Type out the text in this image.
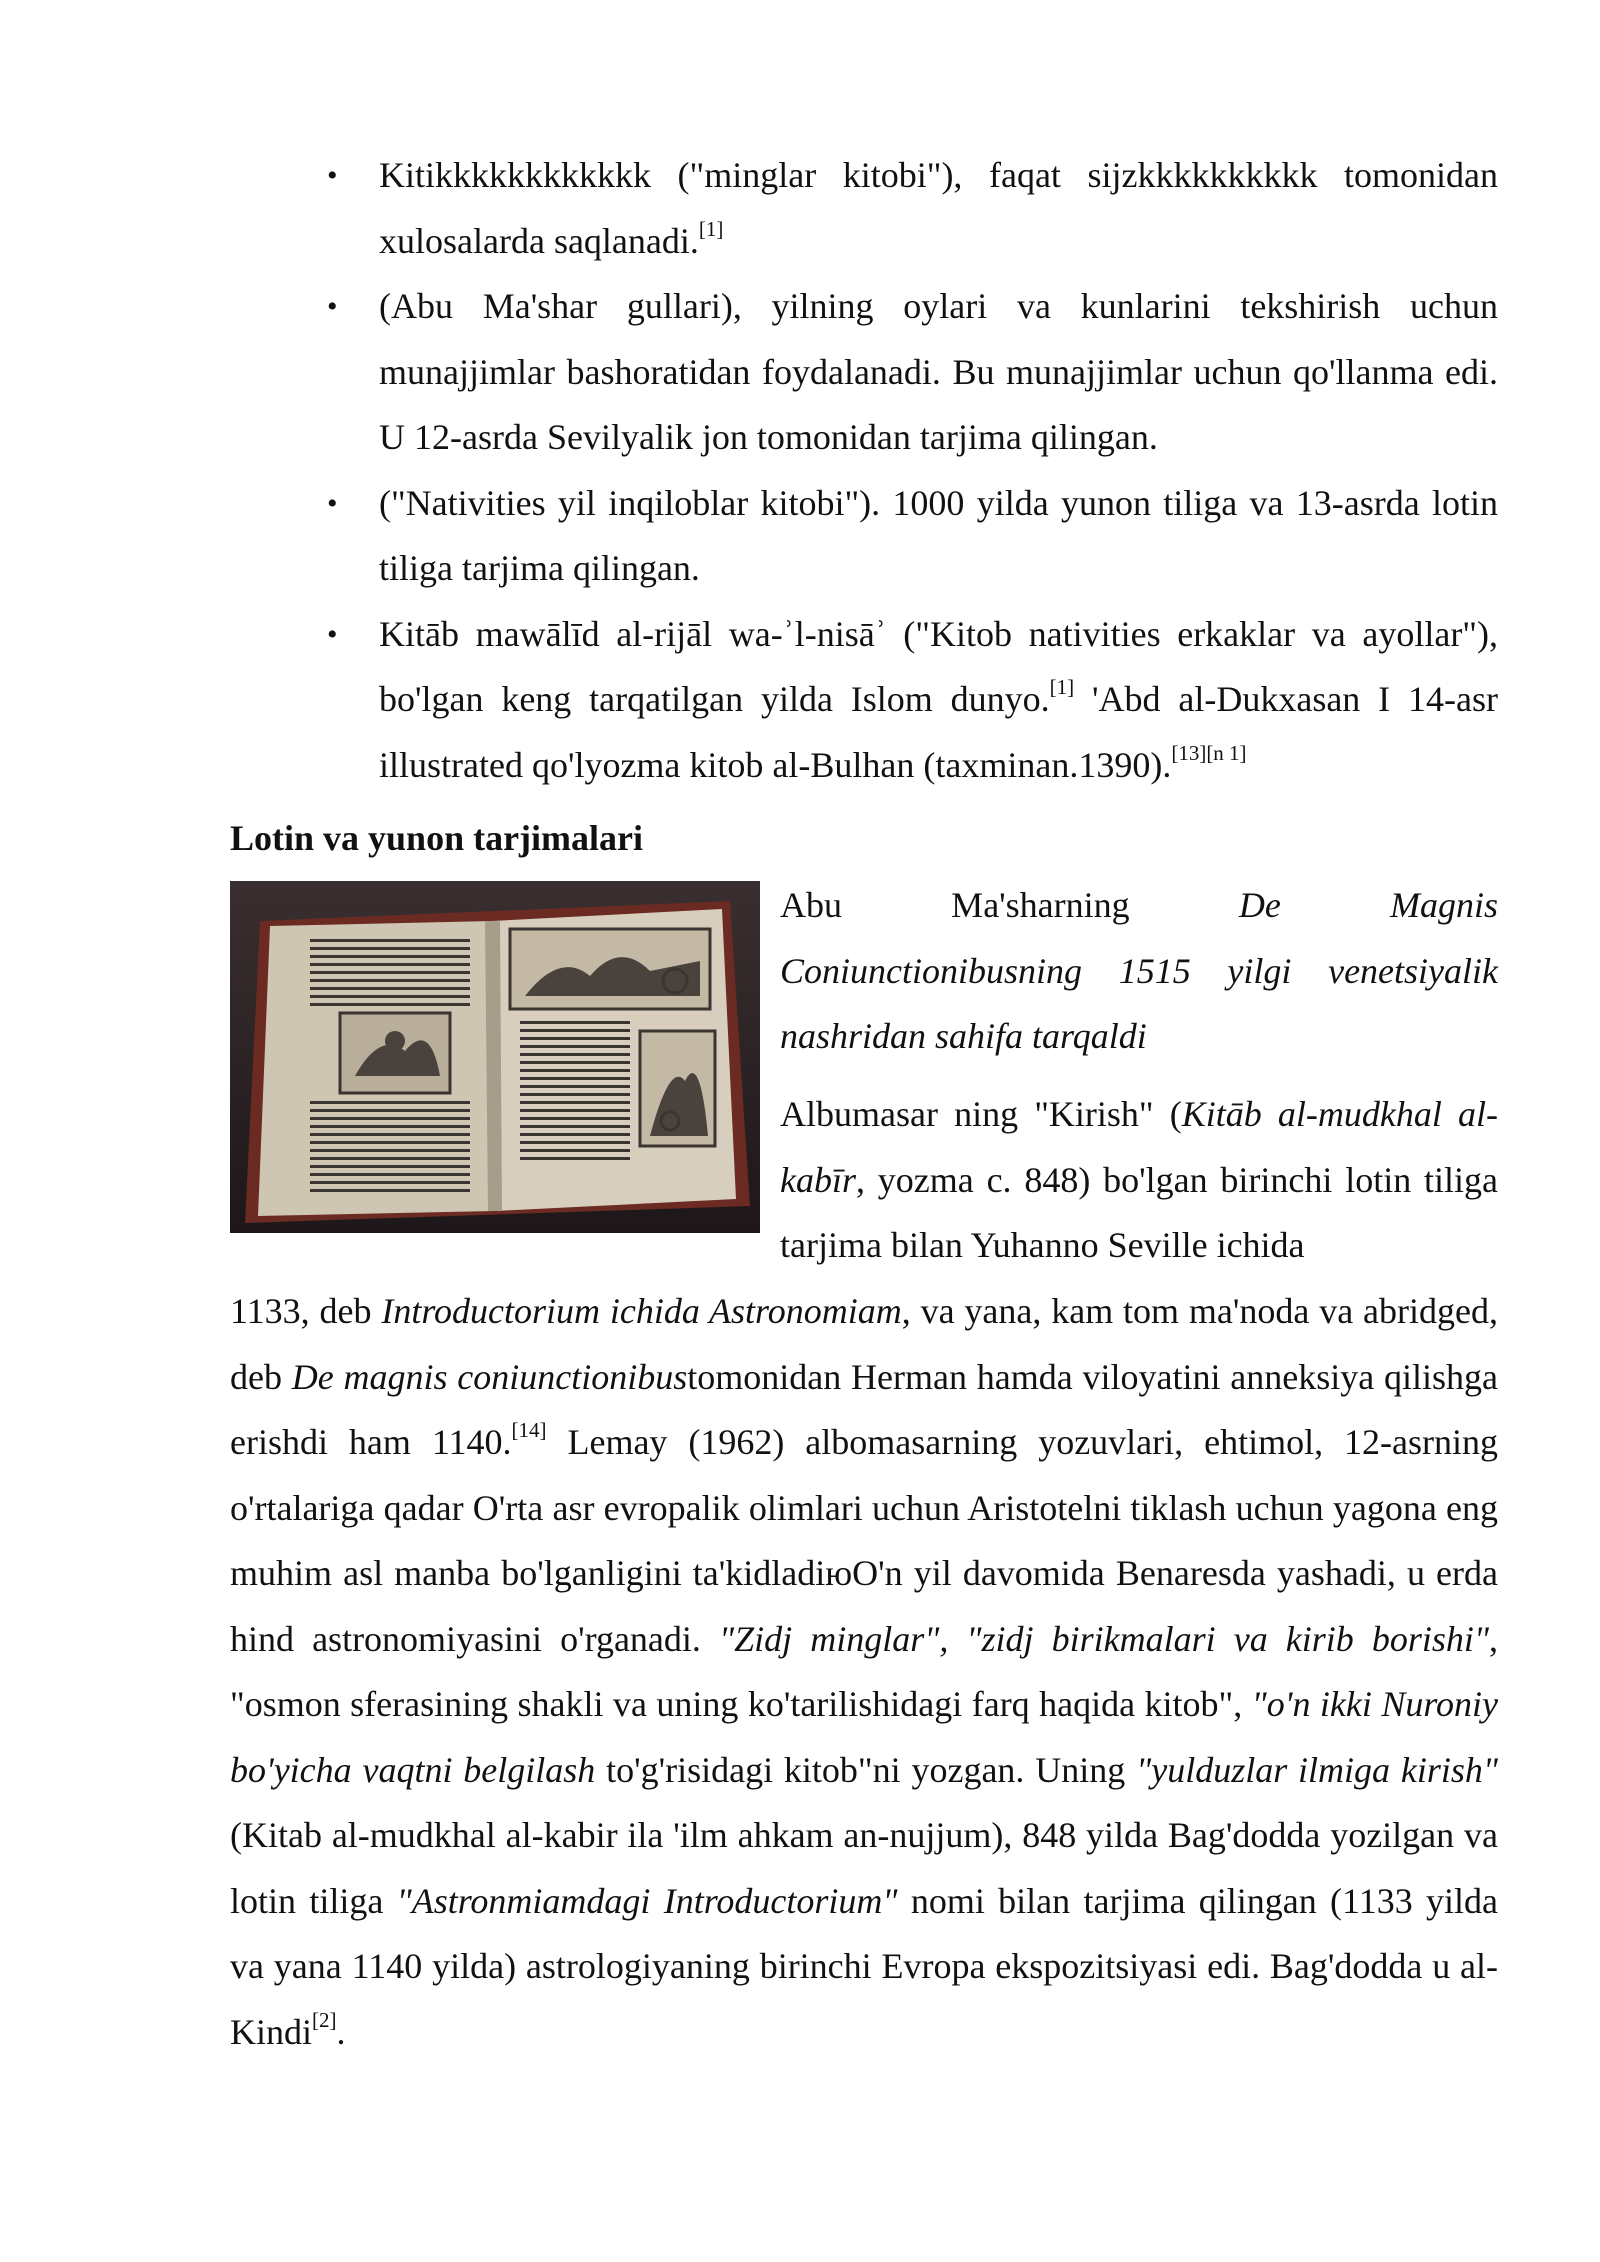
• Kitikkkkkkkkkkkk ("minglar kitobi"), faqat sijzkkkkkkkkkk tomonidan xulosalarda saqlanadi.[1]
• (Abu Ma'shar gullari), yilning oylari va kunlarini tekshirish uchun munajjimlar bashoratidan foydalanadi. Bu munajjimlar uchun qo'llanma edi. U 12-asrda Sevilyalik jon tomonidan tarjima qilingan.
• ("Nativities yil inqiloblar kitobi"). 1000 yilda yunon tiliga va 13-asrda lotin tiliga tarjima qilingan.
• Kitāb mawālīd al-rijāl wa-ʾl-nisāʾ ("Kitob nativities erkaklar va ayollar"), bo'lgan keng tarqatilgan yilda Islom dunyo.[1] 'Abd al-Dukxasan I 14-asr illustrated qo'lyozma kitob al-Bulhan (taxminan.1390).[13][n 1]
Lotin va yunon tarjimalari

Abu Ma'sharning De Magnis Coniunctionibusning 1515 yilgi venetsiyalik nashridan sahifa tarqaldi

Albumasar ning "Kirish" (Kitāb al-mudkhal al-kabīr, yozma c. 848) bo'lgan birinchi lotin tiliga tarjima bilan Yuhanno Seville ichida

1133, deb Introductorium ichida Astronomiam, va yana, kam tom ma'noda va abridged, deb De magnis coniunctionibustomonidan Herman hamda viloyatini anneksiya qilishga erishdi ham 1140.[14] Lemay (1962) albomasarning yozuvlari, ehtimol, 12-asrning o'rtalariga qadar O'rta asr evropalik olimlari uchun Aristotelni tiklash uchun yagona eng muhim asl manba bo'lganligini ta'kidladiюO'n yil davomida Benaresda yashadi, u erda hind astronomiyasini o'rganadi. "Zidj minglar", "zidj birikmalari va kirib borishi", "osmon sferasining shakli va uning ko'tarilishidagi farq haqida kitob", "o'n ikki Nuroniy bo'yicha vaqtni belgilash to'g'risidagi kitob"ni yozgan. Uning "yulduzlar ilmiga kirish" (Kitab al-mudkhal al-kabir ila 'ilm ahkam an-nujjum), 848 yilda Bag'dodda yozilgan va lotin tiliga "Astronmiamdagi Introductorium" nomi bilan tarjima qilingan (1133 yilda va yana 1140 yilda) astrologiyaning birinchi Evropa ekspozitsiyasi edi. Bag'dodda u al-Kindi[2].
